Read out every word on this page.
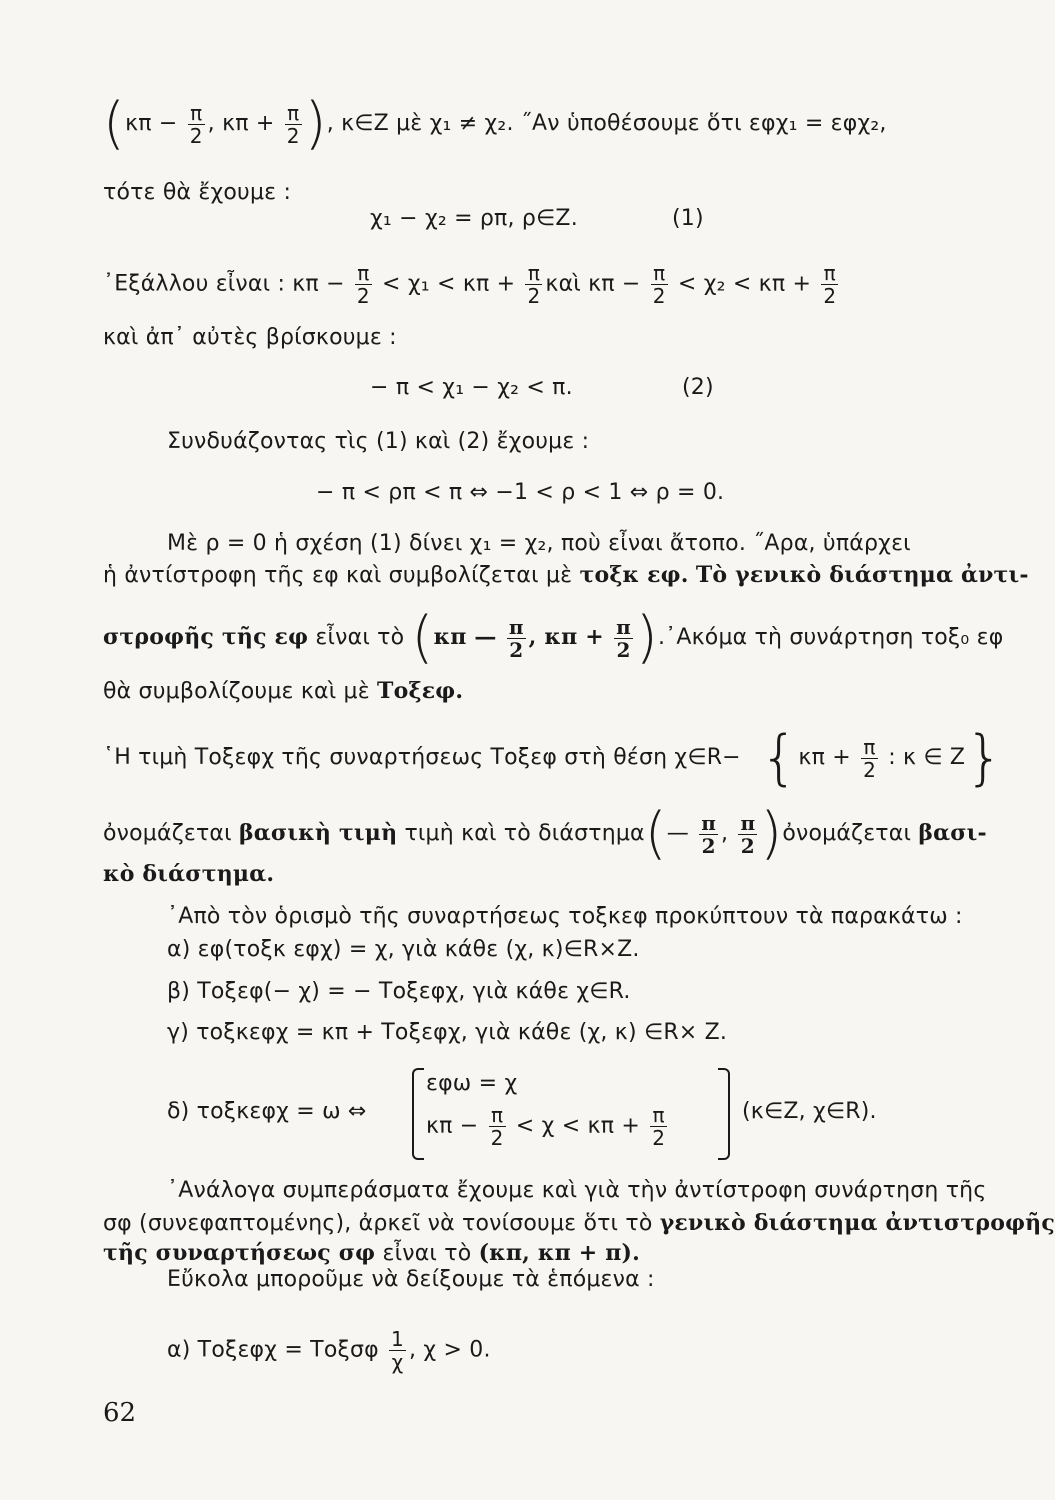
($\kappa\pi - \frac{\pi}{2}$ , $\kappa\pi + \frac{\pi}{2}$ ), κ∈Z μὲ χ₁ ≠ χ₂. ˝Αν ὑποθέσουμε ὅτι εφχ₁ = εφχ₂,
τότε θὰ ἔχουμε :
χ₁ − χ₂ = ρπ, ρ∈Z.	(1)
᾿Εξάλλου εἶναι : $\kappa\pi - \frac{\pi}{2} < \chi_1 < \kappa\pi + \frac{\pi}{2}$ καὶ $\kappa\pi - \frac{\pi}{2} < \chi_2 < \kappa\pi + \frac{\pi}{2}$
καὶ ἀπ᾿ αὐτὲς βρίσκουμε :
− π < χ₁ − χ₂ < π.	(2)
Συνδυάζοντας τὶς (1) καὶ (2) ἔχουμε :
− π < ρπ < π ⇔ −1 < ρ < 1 ⇔ ρ = 0.
Μὲ ρ = 0 ἡ σχέση (1) δίνει χ₁ = χ₂, ποὺ εἶναι ἄτοπο. ˝Αρα, ὑπάρχει
ἡ ἀντίστροφη τῆς εφ καὶ συμβολίζεται μὲ τοξκ εφ. Τὸ γενικὸ διάστημα ἀντι-
στροφῆς τῆς εφ εἶναι τὸ (κπ — $\frac{\pi}{2}$ , $\kappa\pi + \frac{\pi}{2}$ ).᾿Ακόμα τὴ συνάρτηση τοξ₀ εφ
θὰ συμβολίζουμε καὶ μὲ Τοξεφ.
῾Η τιμὴ Τοξεφχ τῆς συναρτήσεως Τοξεφ στὴ θέση χ∈R− {$\kappa\pi + \frac{\pi}{2}$ : κ ∈ Z}
ὀνομάζεται βασικὴ τιμὴ τιμὴ καὶ τὸ διάστημα(— $\frac{\pi}{2}$ , $\frac{\pi}{2}$ )ὀνομάζεται βασι-
κὸ διάστημα.
᾿Απὸ τὸν ὁρισμὸ τῆς συναρτήσεως τοξκεφ προκύπτουν τὰ παρακάτω :
α) εφ(τοξκ εφχ) = χ, γιὰ κάθε (χ, κ)∈R×Z.
β) Τοξεφ(− χ) = − Τοξεφχ, γιὰ κάθε χ∈R.
γ) τοξκεφχ = κπ + Τοξεφχ, γιὰ κάθε (χ, κ) ∈R× Z.
δ) τοξκεφχ = ω ⇔
εφω = χ
$\kappa\pi - \frac{\pi}{2} < \chi < \kappa\pi + \frac{\pi}{2}$	(κ∈Z, χ∈R).
᾿Ανάλογα συμπεράσματα ἔχουμε καὶ γιὰ τὴν ἀντίστροφη συνάρτηση τῆς
σφ (συνεφαπτομένης), ἀρκεῖ νὰ τονίσουμε ὅτι τὸ γενικὸ διάστημα ἀντιστροφῆς
τῆς συναρτήσεως σφ εἶναι τὸ (κπ, κπ + π).
Εὔκολα μποροῦμε νὰ δείξουμε τὰ ἑπόμενα :
α) Τοξεφχ = Τοξσφ $\frac{1}{\chi}$ , χ > 0.
62
